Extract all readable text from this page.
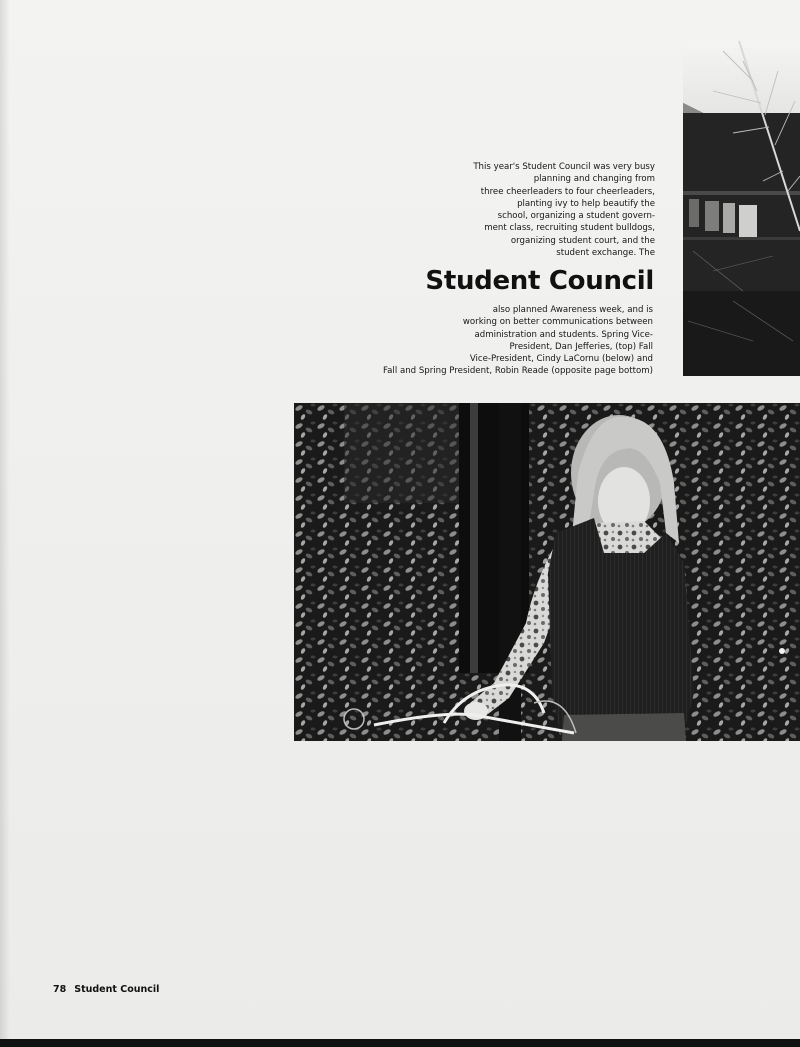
This year's Student Council was very busy
planning and changing from
three cheerleaders to four cheerleaders,
planting ivy to help beautify the
school, organizing a student govern-
ment class, recruiting student bulldogs,
organizing student court, and the
student exchange. The

Student Council

also planned Awareness week, and is
working on better communications between
administration and students. Spring Vice-
President, Dan Jefferies, (top) Fall
Vice-President, Cindy LaCornu (below) and
Fall and Spring President, Robin Reade (opposite page bottom)

78 Student Council
